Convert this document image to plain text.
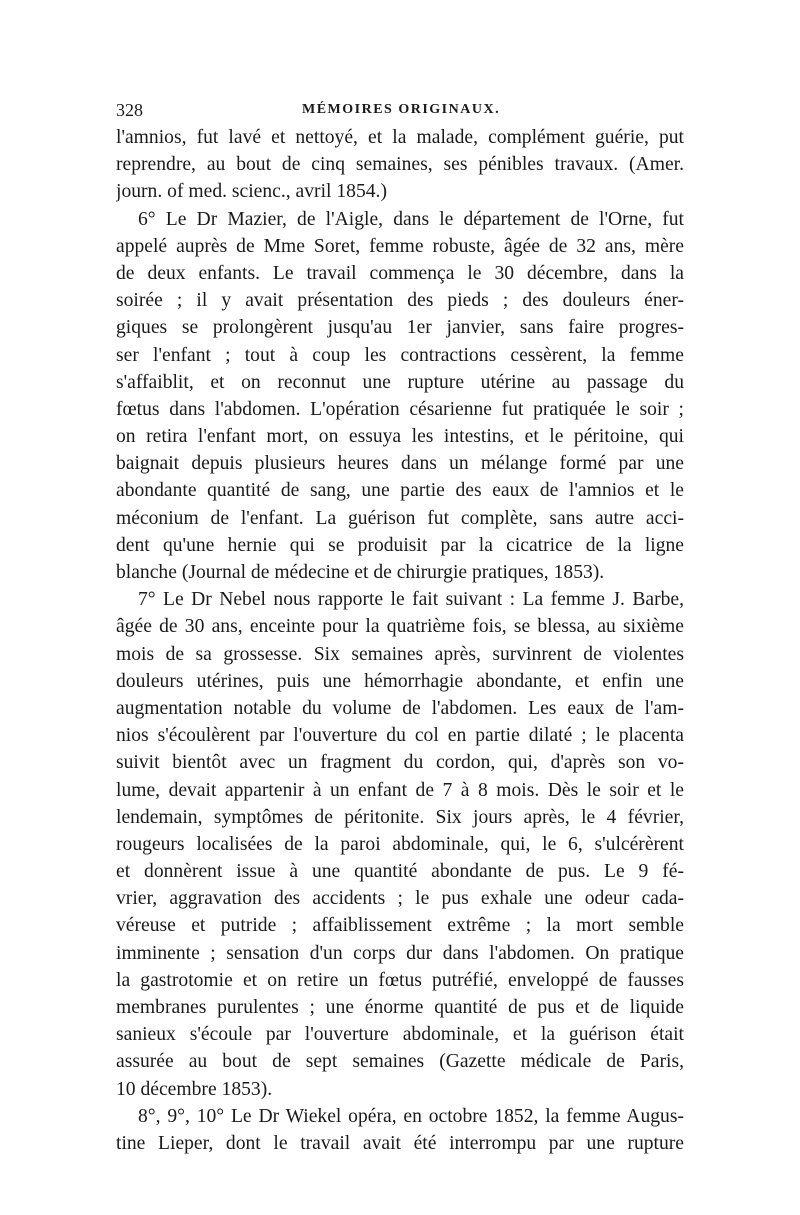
328	MÉMOIRES ORIGINAUX.
l'amnios, fut lavé et nettoyé, et la malade, complément guérie, put
reprendre, au bout de cinq semaines, ses pénibles travaux. (Amer.
journ. of med. scienc., avril 1854.)
6° Le Dr Mazier, de l'Aigle, dans le département de l'Orne, fut
appelé auprès de Mme Soret, femme robuste, âgée de 32 ans, mère
de deux enfants. Le travail commença le 30 décembre, dans la
soirée ; il y avait présentation des pieds ; des douleurs éner-
giques se prolongèrent jusqu'au 1er janvier, sans faire progres-
ser l'enfant ; tout à coup les contractions cessèrent, la femme
s'affaiblit, et on reconnut une rupture utérine au passage du
fœtus dans l'abdomen. L'opération césarienne fut pratiquée le soir ;
on retira l'enfant mort, on essuya les intestins, et le péritoine, qui
baignait depuis plusieurs heures dans un mélange formé par une
abondante quantité de sang, une partie des eaux de l'amnios et le
méconium de l'enfant. La guérison fut complète, sans autre acci-
dent qu'une hernie qui se produisit par la cicatrice de la ligne
blanche (Journal de médecine et de chirurgie pratiques, 1853).
7° Le Dr Nebel nous rapporte le fait suivant : La femme J. Barbe,
âgée de 30 ans, enceinte pour la quatrième fois, se blessa, au sixième
mois de sa grossesse. Six semaines après, survinrent de violentes
douleurs utérines, puis une hémorrhagie abondante, et enfin une
augmentation notable du volume de l'abdomen. Les eaux de l'am-
nios s'écoulèrent par l'ouverture du col en partie dilaté ; le placenta
suivit bientôt avec un fragment du cordon, qui, d'après son vo-
lume, devait appartenir à un enfant de 7 à 8 mois. Dès le soir et le
lendemain, symptômes de péritonite. Six jours après, le 4 février,
rougeurs localisées de la paroi abdominale, qui, le 6, s'ulcérèrent
et donnèrent issue à une quantité abondante de pus. Le 9 fé-
vrier, aggravation des accidents ; le pus exhale une odeur cada-
véreuse et putride ; affaiblissement extrême ; la mort semble
imminente ; sensation d'un corps dur dans l'abdomen. On pratique
la gastrotomie et on retire un fœtus putréfié, enveloppé de fausses
membranes purulentes ; une énorme quantité de pus et de liquide
sanieux s'écoule par l'ouverture abdominale, et la guérison était
assurée au bout de sept semaines (Gazette médicale de Paris,
10 décembre 1853).
8°, 9°, 10° Le Dr Wiekel opéra, en octobre 1852, la femme Augus-
tine Lieper, dont le travail avait été interrompu par une rupture
